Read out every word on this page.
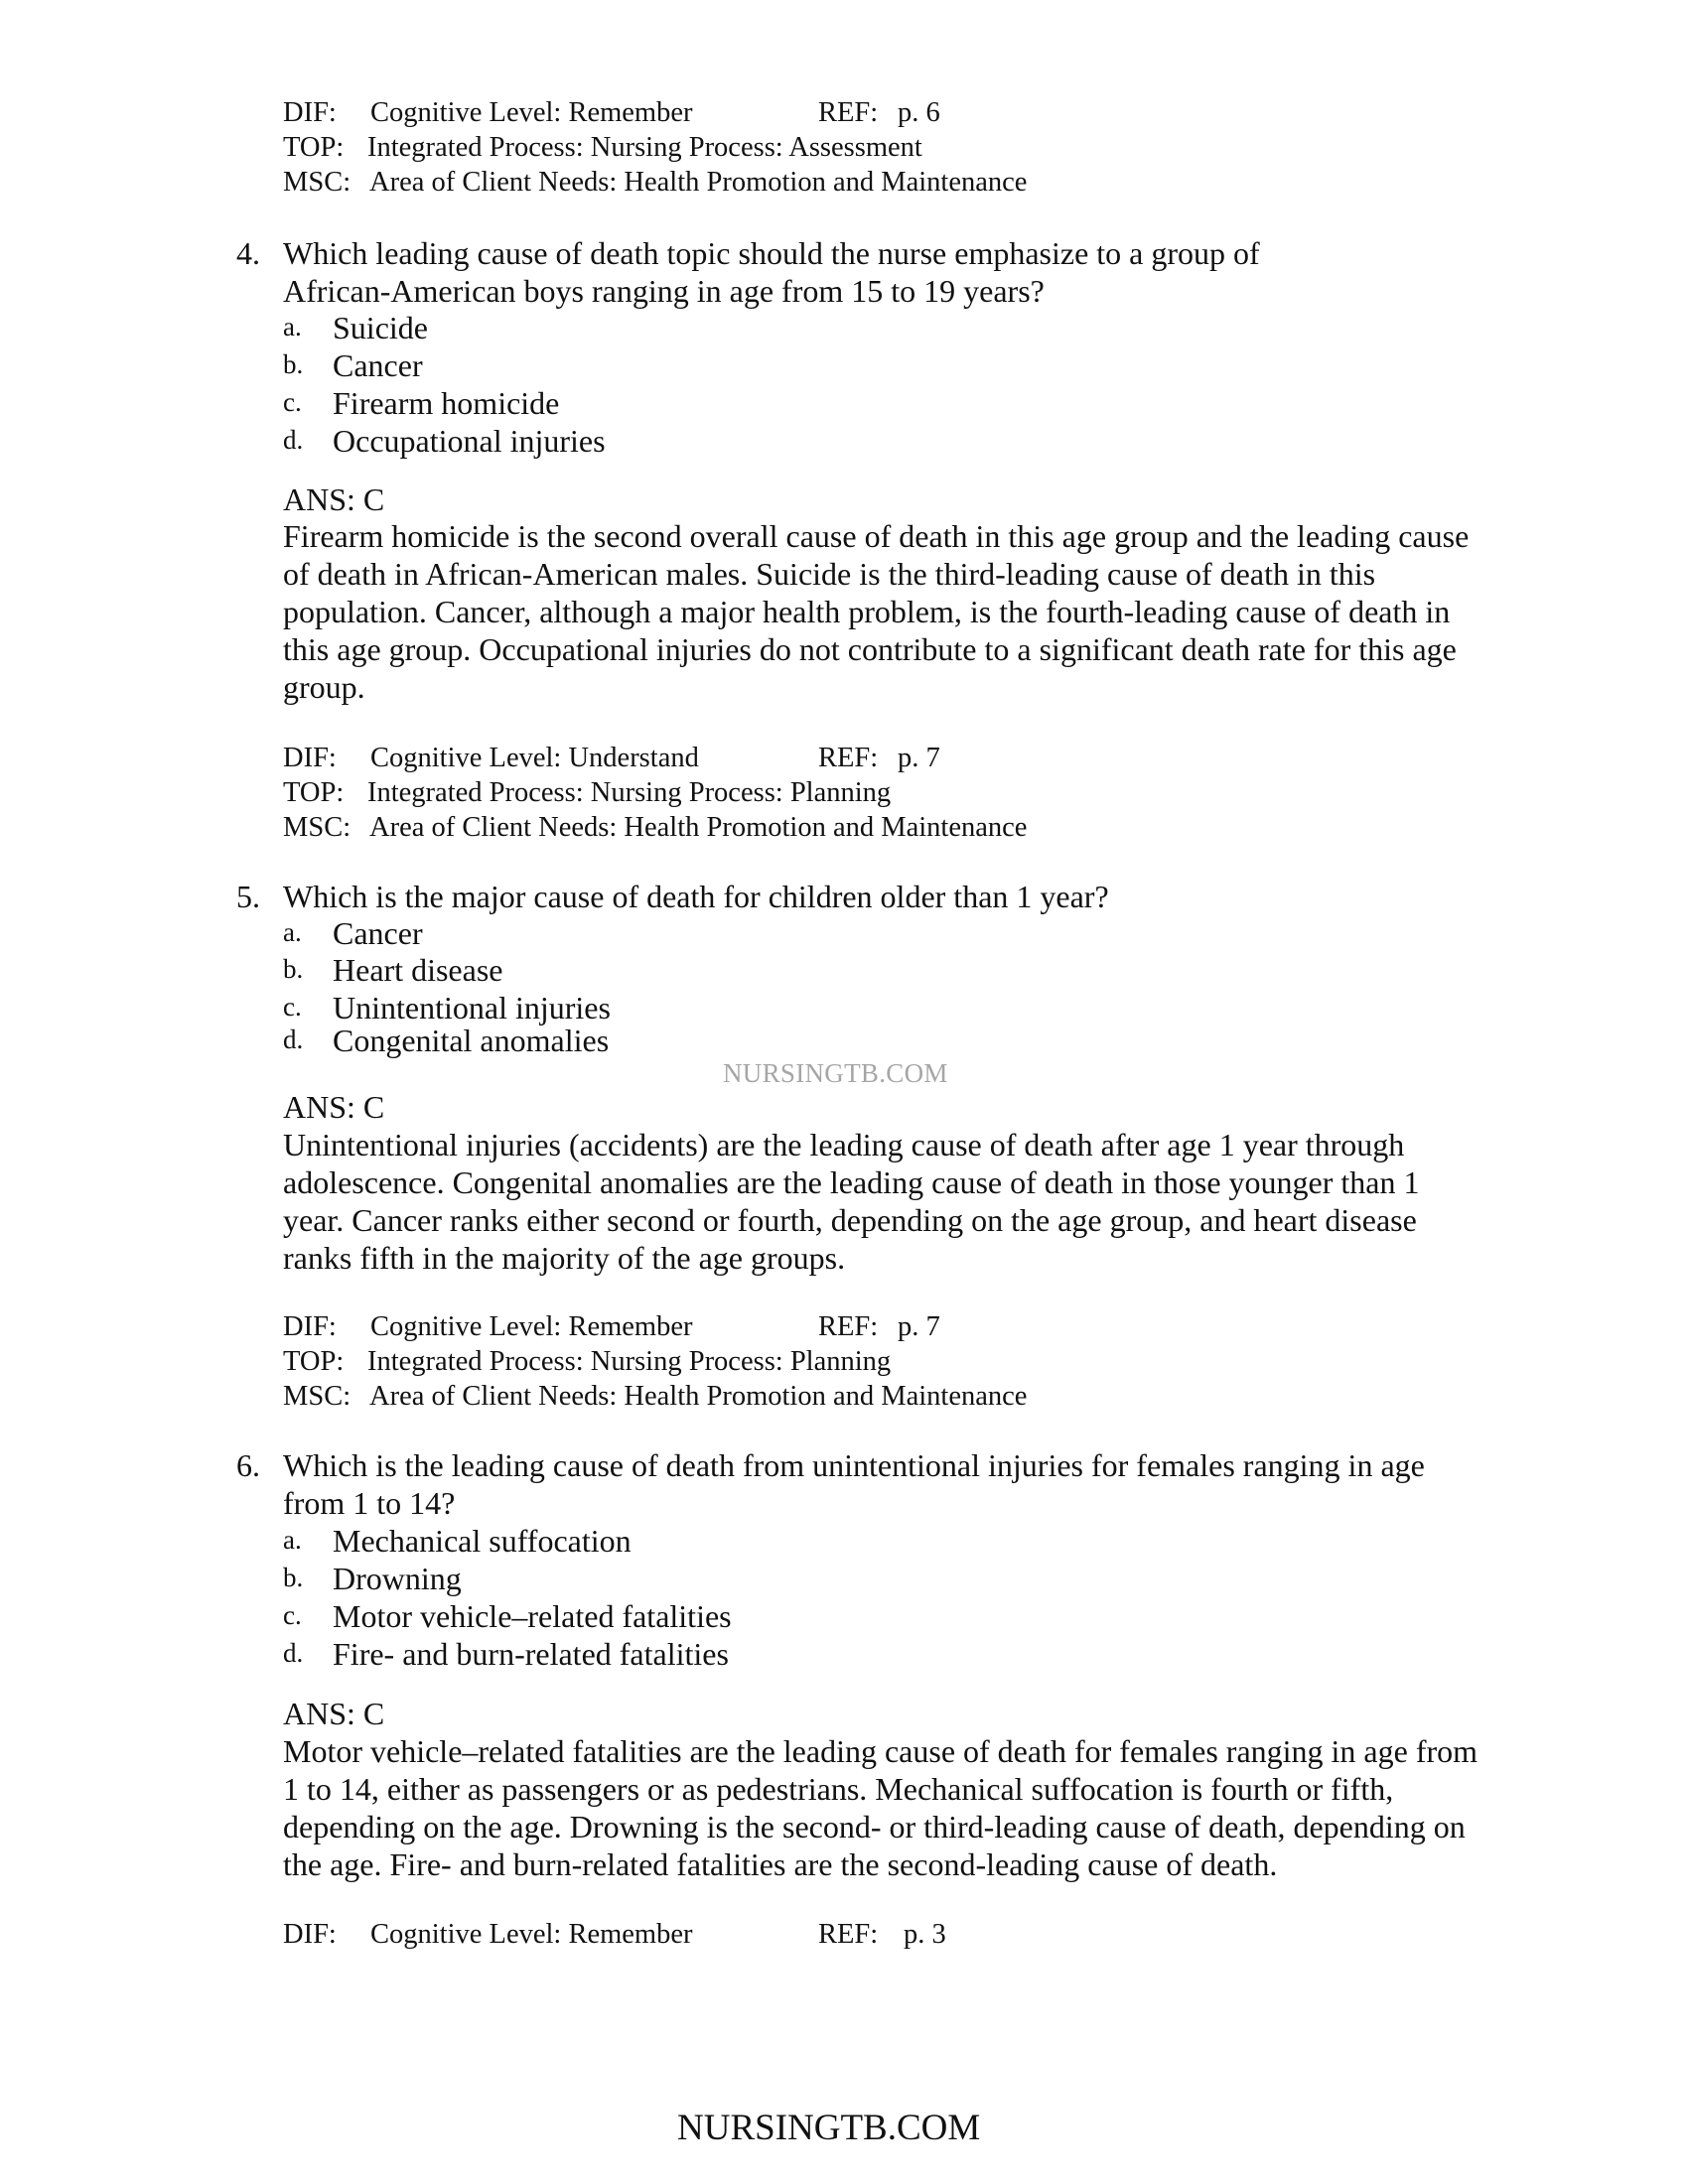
DIF: Cognitive Level: Remember	REF: p. 6
TOP: Integrated Process: Nursing Process: Assessment
MSC: Area of Client Needs: Health Promotion and Maintenance
4. Which leading cause of death topic should the nurse emphasize to a group of
African-American boys ranging in age from 15 to 19 years?
a. Suicide
b. Cancer
c. Firearm homicide
d. Occupational injuries
ANS: C
Firearm homicide is the second overall cause of death in this age group and the leading cause
of death in African-American males. Suicide is the third-leading cause of death in this
population. Cancer, although a major health problem, is the fourth-leading cause of death in
this age group. Occupational injuries do not contribute to a significant death rate for this age
group.
DIF: Cognitive Level: Understand	REF: p. 7
TOP: Integrated Process: Nursing Process: Planning
MSC: Area of Client Needs: Health Promotion and Maintenance
5. Which is the major cause of death for children older than 1 year?
a. Cancer
b. Heart disease
c. Unintentional injuries
d. Congenital anomalies
NURSINGTB.COM
ANS: C
Unintentional injuries (accidents) are the leading cause of death after age 1 year through
adolescence. Congenital anomalies are the leading cause of death in those younger than 1
year. Cancer ranks either second or fourth, depending on the age group, and heart disease
ranks fifth in the majority of the age groups.
DIF: Cognitive Level: Remember	REF: p. 7
TOP: Integrated Process: Nursing Process: Planning
MSC: Area of Client Needs: Health Promotion and Maintenance
6. Which is the leading cause of death from unintentional injuries for females ranging in age
from 1 to 14?
a. Mechanical suffocation
b. Drowning
c. Motor vehicle–related fatalities
d. Fire- and burn-related fatalities
ANS: C
Motor vehicle–related fatalities are the leading cause of death for females ranging in age from
1 to 14, either as passengers or as pedestrians. Mechanical suffocation is fourth or fifth,
depending on the age. Drowning is the second- or third-leading cause of death, depending on
the age. Fire- and burn-related fatalities are the second-leading cause of death.
DIF: Cognitive Level: Remember	REF: p. 3
NURSINGTB.COM
